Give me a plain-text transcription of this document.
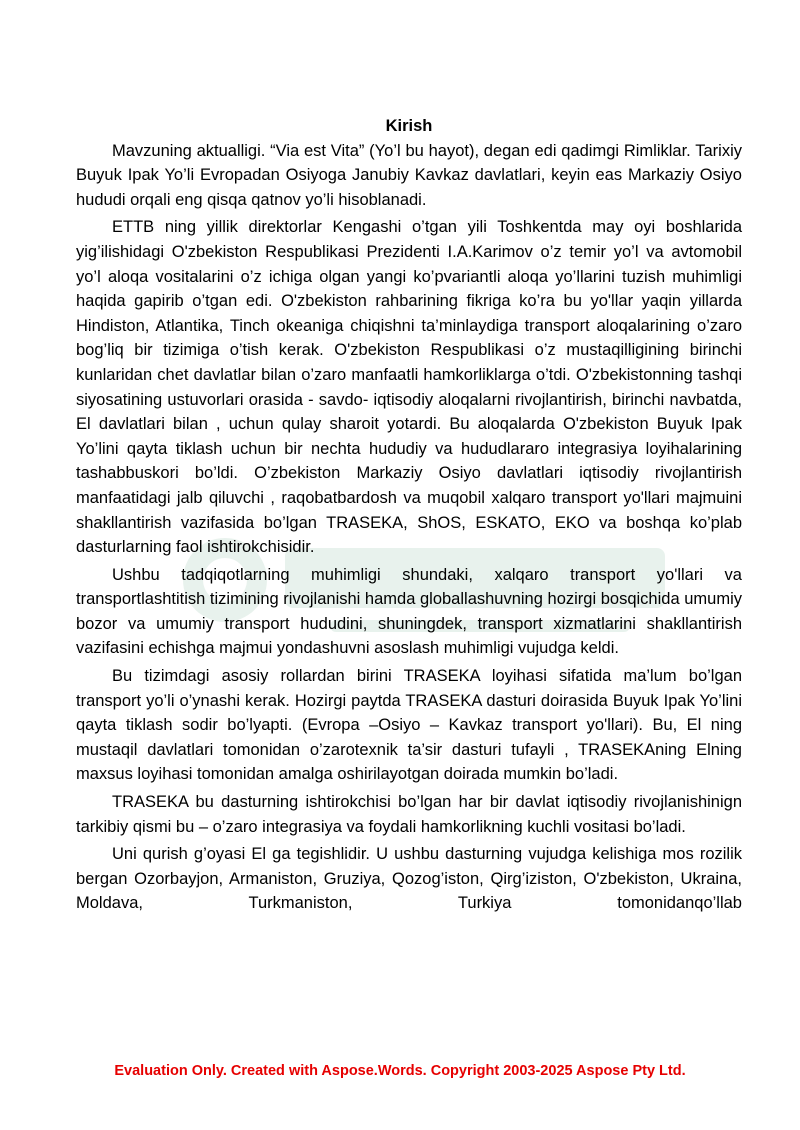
Kirish

Mavzuning aktualligi. “Via est Vita” (Yo’l bu hayot), degan edi qadimgi Rimliklar. Tarixiy Buyuk Ipak Yo’li Evropadan Osiyoga Janubiy Kavkaz davlatlari, keyin eas Markaziy Osiyo hududi orqali eng qisqa qatnov yo’li hisoblanadi.

ETTB ning yillik direktorlar Kengashi o’tgan yili Toshkentda may oyi boshlarida yig’ilishidagi O'zbekiston Respublikasi Prezidenti I.A.Karimov o’z temir yo’l va avtomobil yo’l aloqa vositalarini o’z ichiga olgan yangi ko’pvariantli aloqa yo’llarini tuzish muhimligi haqida gapirib o’tgan edi. O'zbekiston rahbarining fikriga ko’ra bu yo'llar yaqin yillarda Hindiston, Atlantika, Tinch okeaniga chiqishni ta’minlaydiga transport aloqalarining o’zaro bog’liq bir tizimiga o’tish kerak. O'zbekiston Respublikasi o’z mustaqilligining birinchi kunlaridan chet davlatlar bilan o’zaro manfaatli hamkorliklarga o’tdi. O'zbekistonning tashqi siyosatining ustuvorlari orasida - savdo- iqtisodiy aloqalarni rivojlantirish, birinchi navbatda, El davlatlari bilan , uchun qulay sharoit yotardi. Bu aloqalarda O'zbekiston Buyuk Ipak Yo’lini qayta tiklash uchun bir nechta hududiy va hududlararo integrasiya loyihalarining tashabbuskori bo’ldi. O’zbekiston Markaziy Osiyo davlatlari iqtisodiy rivojlantirish manfaatidagi jalb qiluvchi , raqobatbardosh va muqobil xalqaro transport yo'llari majmuini shakllantirish vazifasida bo’lgan TRASEKA, ShOS, ESKATO, EKO va boshqa ko’plab dasturlarning faol ishtirokchisidir.

Ushbu tadqiqotlarning muhimligi shundaki, xalqaro transport yo'llari va transportlashtitish tizimining rivojlanishi hamda globallashuvning hozirgi bosqichida umumiy bozor va umumiy transport hududini, shuningdek, transport xizmatlarini shakllantirish vazifasini echishga majmui yondashuvni asoslash muhimligi vujudga keldi.

Bu tizimdagi asosiy rollardan birini TRASEKA loyihasi sifatida ma’lum bo’lgan transport yo’li o’ynashi kerak. Hozirgi paytda TRASEKA dasturi doirasida Buyuk Ipak Yo’lini qayta tiklash sodir bo’lyapti. (Evropa –Osiyo – Kavkaz transport yo'llari). Bu, El ning mustaqil davlatlari tomonidan o’zarotexnik ta’sir dasturi tufayli , TRASEKAning Elning maxsus loyihasi tomonidan amalga oshirilayotgan doirada mumkin bo’ladi.

TRASEKA bu dasturning ishtirokchisi bo’lgan har bir davlat iqtisodiy rivojlanishinign tarkibiy qismi bu – o’zaro integrasiya va foydali hamkorlikning kuchli vositasi bo’ladi.

Uni qurish g’oyasi El ga tegishlidir. U ushbu dasturning vujudga kelishiga mos rozilik bergan Ozorbayjon, Armaniston, Gruziya, Qozog’iston, Qirg’iziston, O'zbekiston, Ukraina, Moldava, Turkmaniston, Turkiya tomonidanqo’llab

Evaluation Only. Created with Aspose.Words. Copyright 2003-2025 Aspose Pty Ltd.
